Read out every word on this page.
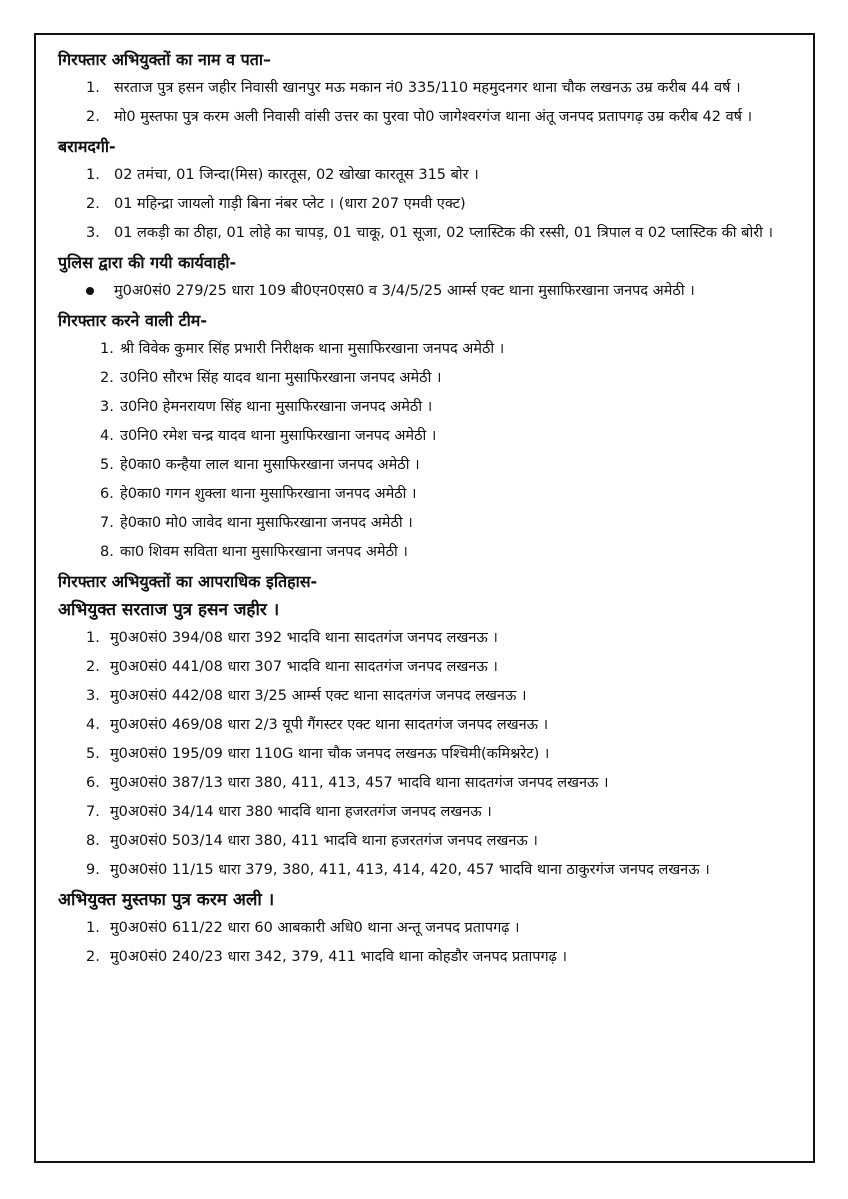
गिरफ्तार अभियुक्तों का नाम व पता–
1. सरताज पुत्र हसन जहीर निवासी खानपुर मऊ मकान नं0 335/110 महमुदनगर थाना चौक लखनऊ उम्र करीब 44 वर्ष ।
2. मो0 मुस्तफा पुत्र करम अली निवासी वांसी उत्तर का पुरवा पो0 जागेश्वरगंज थाना अंतू जनपद प्रतापगढ़ उम्र करीब 42 वर्ष ।
बरामदगी-
1. 02 तमंचा, 01 जिन्दा(मिस) कारतूस, 02 खोखा कारतूस 315 बोर ।
2. 01 महिन्द्रा जायलो गाड़ी बिना नंबर प्लेट । (धारा 207 एमवी एक्ट)
3. 01 लकड़ी का ठीहा, 01 लोहे का चापड़, 01 चाकू, 01 सूजा, 02 प्लास्टिक की रस्सी, 01 त्रिपाल व 02 प्लास्टिक की बोरी ।
पुलिस द्वारा की गयी कार्यवाही-
मु0अ0सं0 279/25 धारा 109 बी0एन0एस0 व 3/4/5/25 आर्म्स एक्ट थाना मुसाफिरखाना जनपद अमेठी ।
गिरफ्तार करने वाली टीम-
1. श्री विवेक कुमार सिंह प्रभारी निरीक्षक थाना मुसाफिरखाना जनपद अमेठी ।
2. उ0नि0 सौरभ सिंह यादव थाना मुसाफिरखाना जनपद अमेठी ।
3. उ0नि0 हेमनरायण सिंह थाना मुसाफिरखाना जनपद अमेठी ।
4. उ0नि0 रमेश चन्द्र यादव थाना मुसाफिरखाना जनपद अमेठी ।
5. हे0का0 कन्हैया लाल थाना मुसाफिरखाना जनपद अमेठी ।
6. हे0का0 गगन शुक्ला थाना मुसाफिरखाना जनपद अमेठी ।
7. हे0का0 मो0 जावेद थाना मुसाफिरखाना जनपद अमेठी ।
8. का0 शिवम सविता थाना मुसाफिरखाना जनपद अमेठी ।
गिरफ्तार अभियुक्तों का आपराधिक इतिहास-
अभियुक्त सरताज पुत्र हसन जहीर ।
1. मु0अ0सं0 394/08 धारा 392 भादवि थाना सादतगंज जनपद लखनऊ ।
2. मु0अ0सं0 441/08 धारा 307 भादवि थाना सादतगंज जनपद लखनऊ ।
3. मु0अ0सं0 442/08 धारा 3/25 आर्म्स एक्ट थाना सादतगंज जनपद लखनऊ ।
4. मु0अ0सं0 469/08 धारा 2/3 यूपी गैंगस्टर एक्ट थाना सादतगंज जनपद लखनऊ ।
5. मु0अ0सं0 195/09 धारा 110G थाना चौक जनपद लखनऊ पश्चिमी(कमिश्नरेट) ।
6. मु0अ0सं0 387/13 धारा 380, 411, 413, 457 भादवि थाना सादतगंज जनपद लखनऊ ।
7. मु0अ0सं0 34/14 धारा 380 भादवि थाना हजरतगंज जनपद लखनऊ ।
8. मु0अ0सं0 503/14 धारा 380, 411 भादवि थाना हजरतगंज जनपद लखनऊ ।
9. मु0अ0सं0 11/15 धारा 379, 380, 411, 413, 414, 420, 457 भादवि थाना ठाकुरगंज जनपद लखनऊ ।
अभियुक्त मुस्तफा पुत्र करम अली ।
1. मु0अ0सं0 611/22 धारा 60 आबकारी अधि0 थाना अन्तू जनपद प्रतापगढ़ ।
2. मु0अ0सं0 240/23 धारा 342, 379, 411 भादवि थाना कोहडौर जनपद प्रतापगढ़ ।
